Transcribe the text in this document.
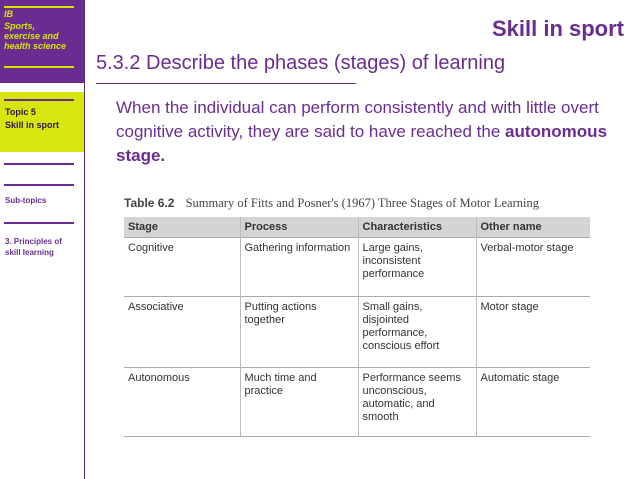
IB
Sports,
exercise and
health science
Topic 5
Skill in sport
Sub-topics
3. Principles of
skill learning
Skill in sport
5.3.2 Describe the phases (stages) of learning
When the individual can perform consistently and with little overt cognitive activity, they are said to have reached the autonomous stage.
Table 6.2 Summary of Fitts and Posner's (1967) Three Stages of Motor Learning
Stage	Process	Characteristics	Other name
Cognitive	Gathering information	Large gains, inconsistent performance	Verbal-motor stage
Associative	Putting actions together	Small gains, disjointed performance, conscious effort	Motor stage
Autonomous	Much time and practice	Performance seems unconscious, automatic, and smooth	Automatic stage
